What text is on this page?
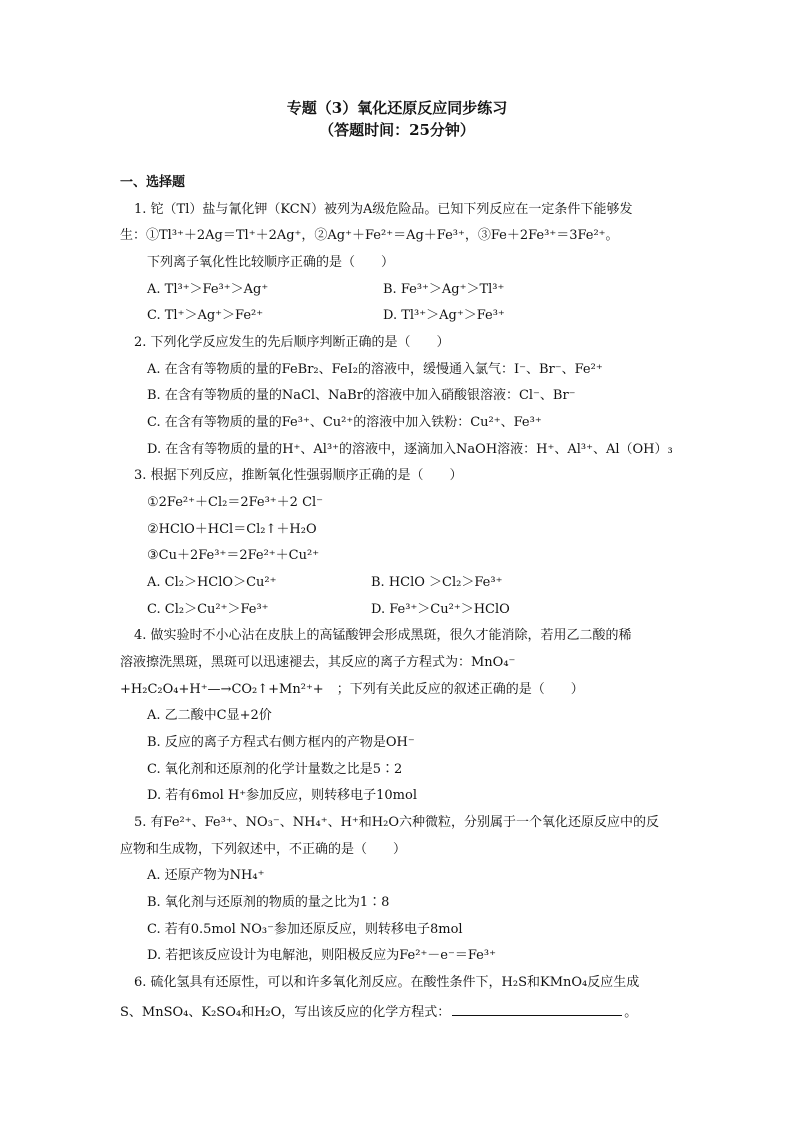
专题（3）氧化还原反应同步练习
（答题时间：25分钟）
一、选择题
1. 铊（Tl）盐与氰化钾（KCN）被列为A级危险品。已知下列反应在一定条件下能够发
生：①Tl³⁺＋2Ag＝Tl⁺＋2Ag⁺，②Ag⁺＋Fe²⁺＝Ag＋Fe³⁺，③Fe＋2Fe³⁺＝3Fe²⁺。
下列离子氧化性比较顺序正确的是（　　）
A. Tl³⁺＞Fe³⁺＞Ag⁺	B. Fe³⁺＞Ag⁺＞Tl³⁺
C. Tl⁺＞Ag⁺＞Fe²⁺	D. Tl³⁺＞Ag⁺＞Fe³⁺
2. 下列化学反应发生的先后顺序判断正确的是（　　）
A. 在含有等物质的量的FeBr₂、FeI₂的溶液中，缓慢通入氯气：I⁻、Br⁻、Fe²⁺
B. 在含有等物质的量的NaCl、NaBr的溶液中加入硝酸银溶液：Cl⁻、Br⁻
C. 在含有等物质的量的Fe³⁺、Cu²⁺的溶液中加入铁粉：Cu²⁺、Fe³⁺
D. 在含有等物质的量的H⁺、Al³⁺的溶液中，逐滴加入NaOH溶液：H⁺、Al³⁺、Al（OH）₃
3. 根据下列反应，推断氧化性强弱顺序正确的是（　　）
①2Fe²⁺＋Cl₂＝2Fe³⁺＋2 Cl⁻
②HClO＋HCl＝Cl₂↑＋H₂O
③Cu＋2Fe³⁺＝2Fe²⁺＋Cu²⁺
A. Cl₂＞HClO＞Cu²⁺	B. HClO ＞Cl₂＞Fe³⁺
C. Cl₂＞Cu²⁺＞Fe³⁺	D. Fe³⁺＞Cu²⁺＞HClO
4. 做实验时不小心沾在皮肤上的高锰酸钾会形成黑斑，很久才能消除，若用乙二酸的稀
溶液擦洗黑斑，黑斑可以迅速褪去，其反应的离子方程式为：MnO₄⁻
+H₂C₂O₄+H⁺—→CO₂↑+Mn²⁺+　；下列有关此反应的叙述正确的是（　　）
A. 乙二酸中C显+2价
B. 反应的离子方程式右侧方框内的产物是OH⁻
C. 氧化剂和还原剂的化学计量数之比是5∶2
D. 若有6mol H⁺参加反应，则转移电子10mol
5. 有Fe²⁺、Fe³⁺、NO₃⁻、NH₄⁺、H⁺和H₂O六种微粒，分别属于一个氧化还原反应中的反
应物和生成物，下列叙述中，不正确的是（　　）
A. 还原产物为NH₄⁺
B. 氧化剂与还原剂的物质的量之比为1∶8
C. 若有0.5mol NO₃⁻参加还原反应，则转移电子8mol
D. 若把该反应设计为电解池，则阳极反应为Fe²⁺－e⁻＝Fe³⁺
6. 硫化氢具有还原性，可以和许多氧化剂反应。在酸性条件下，H₂S和KMnO₄反应生成
S、MnSO₄、K₂SO₄和H₂O，写出该反应的化学方程式：	。
